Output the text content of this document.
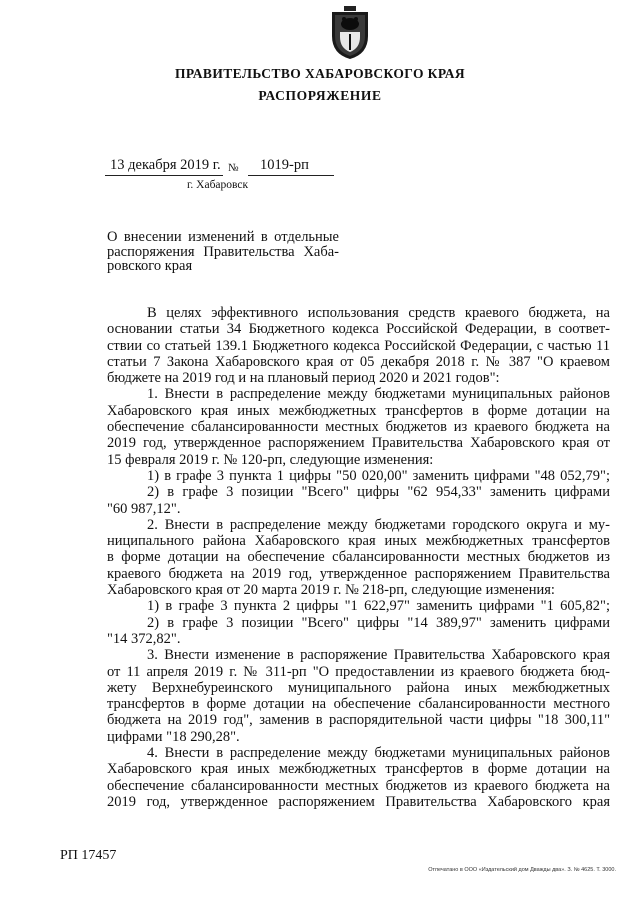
ПРАВИТЕЛЬСТВО ХАБАРОВСКОГО КРАЯ
РАСПОРЯЖЕНИЕ
13 декабря 2019 г. № 1019-рп
г. Хабаровск
О внесении изменений в отдельные
распоряжения Правительства Хаба-
ровского края

В целях эффективного использования средств краевого бюджета, на

основании статьи 34 Бюджетного кодекса Российской Федерации, в соответ-

ствии со статьей 139.1 Бюджетного кодекса Российской Федерации, с частью 11

статьи 7 Закона Хабаровского края от 05 декабря 2018 г. № 387 "О краевом

бюджете на 2019 год и на плановый период 2020 и 2021 годов":

1. Внести в распределение между бюджетами муниципальных районов

Хабаровского края иных межбюджетных трансфертов в форме дотации на

обеспечение сбалансированности местных бюджетов из краевого бюджета на

2019 год, утвержденное распоряжением Правительства Хабаровского края от

15 февраля 2019 г. № 120-рп, следующие изменения:

1) в графе 3 пункта 1 цифры "50 020,00" заменить цифрами "48 052,79";

2) в графе 3 позиции "Всего" цифры "62 954,33" заменить цифрами

"60 987,12".

2. Внести в распределение между бюджетами городского округа и му-

ниципального района Хабаровского края иных межбюджетных трансфертов

в форме дотации на обеспечение сбалансированности местных бюджетов из

краевого бюджета на 2019 год, утвержденное распоряжением Правительства

Хабаровского края от 20 марта 2019 г. № 218-рп, следующие изменения:

1) в графе 3 пункта 2 цифры "1 622,97" заменить цифрами "1 605,82";

2) в графе 3 позиции "Всего" цифры "14 389,97" заменить цифрами

"14 372,82".

3. Внести изменение в распоряжение Правительства Хабаровского края

от 11 апреля 2019 г. № 311-рп "О предоставлении из краевого бюджета бюд-

жету Верхнебуреинского муниципального района иных межбюджетных

трансфертов в форме дотации на обеспечение сбалансированности местного

бюджета на 2019 год", заменив в распорядительной части цифры "18 300,11"

цифрами "18 290,28".

4. Внести в распределение между бюджетами муниципальных районов

Хабаровского края иных межбюджетных трансфертов в форме дотации на

обеспечение сбалансированности местных бюджетов из краевого бюджета на

2019 год, утвержденное распоряжением Правительства Хабаровского края

РП 17457
Отпечатано в ООО «Издательский дом Дважды два». З. № 4625. Т. 3000.
